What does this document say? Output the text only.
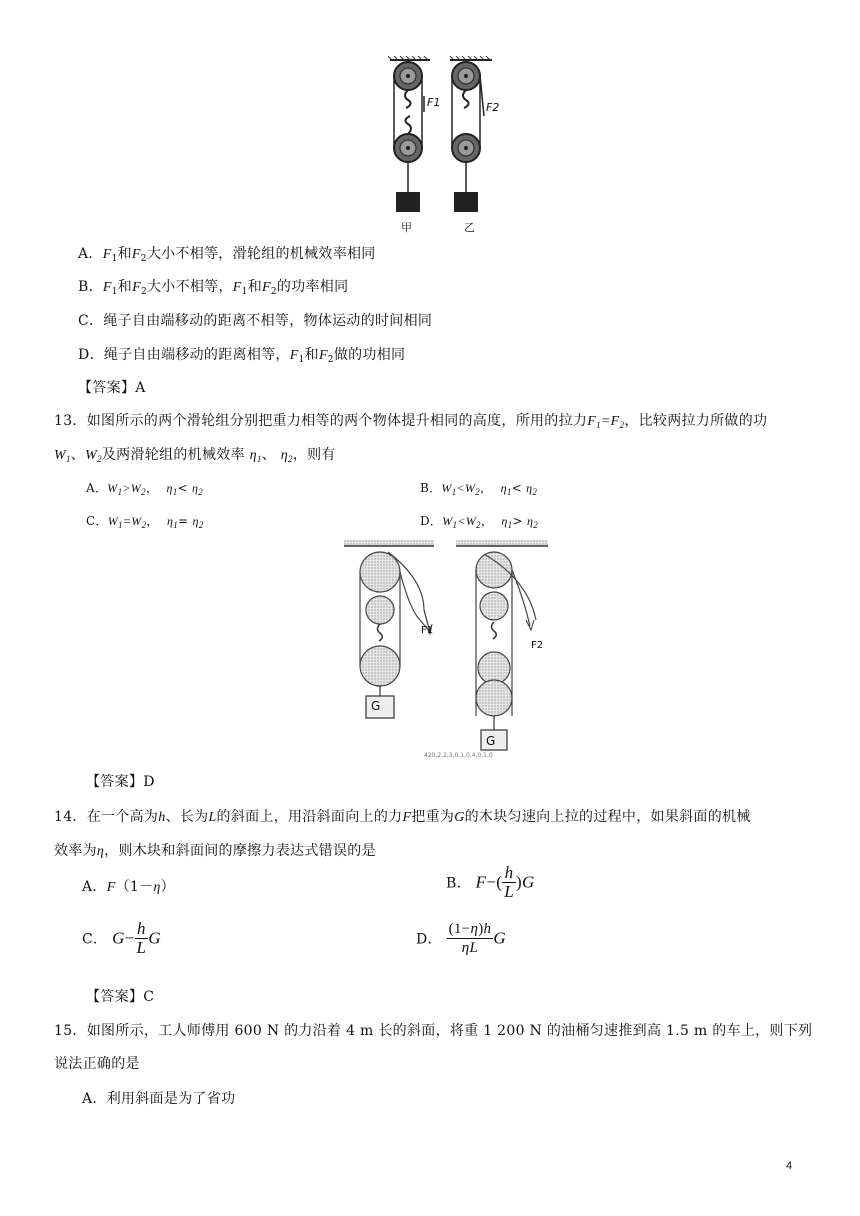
F1	F2
甲	乙
A．$F_1$和$F_2$大小不相等，滑轮组的机械效率相同
B．$F_1$和$F_2$大小不相等，$F_1$和$F_2$的功率相同
C．绳子自由端移动的距离不相等，物体运动的时间相同
D．绳子自由端移动的距离相等，$F_1$和$F_2$做的功相同
【答案】A
13．如图所示的两个滑轮组分别把重力相等的两个物体提升相同的高度，所用的拉力$F_1=F_2$，比较两拉力所做的功
$W_1$、$W_2$及两滑轮组的机械效率 $\eta_1$、 $\eta_2$，则有
A．$W_1>W_2$，  $\eta_1< \eta_2$	B．$W_1<W_2$，  $\eta_1< \eta_2$
C．$W_1=W_2$，  $\eta_1= \eta_2$	D．$W_1<W_2$，  $\eta_1> \eta_2$
G
G
F1
F2
420,2,2,3,0,1,0,4,0,1,0
【答案】D
14．在一个高为h、长为L的斜面上，用沿斜面向上的力F把重为G的木块匀速向上拉的过程中，如果斜面的机械
效率为η，则木块和斜面间的摩擦力表达式错误的是
A．F（1－η）	B． $F-( \frac{h}{L} )G$
C． $G- \frac{h}{L}$ G	D． $\frac{(1-\eta)h}{\eta L}$ G
【答案】C
15．如图所示，工人师傅用 600 N 的力沿着 4 m 长的斜面，将重 1 200 N 的油桶匀速推到高 1.5 m 的车上，则下列
说法正确的是
A．利用斜面是为了省功
4
